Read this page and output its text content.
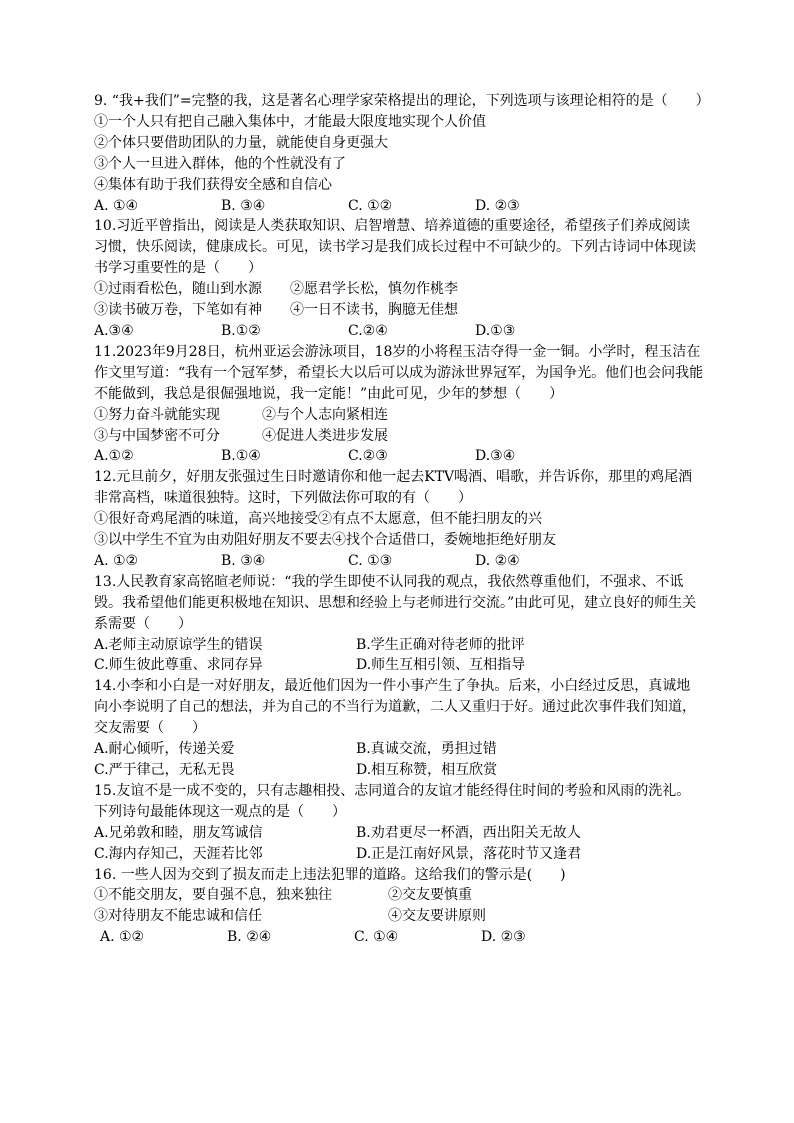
9. “我+我们”=完整的我，这是著名心理学家荣格提出的理论，下列选项与该理论相符的是（　　）
①一个人只有把自己融入集体中，才能最大限度地实现个人价值
②个体只要借助团队的力量，就能使自身更强大
③个人一旦进入群体，他的个性就没有了
④集体有助于我们获得安全感和自信心
A. ①④	B. ③④	C. ①②	D. ②③
10.习近平曾指出，阅读是人类获取知识、启智增慧、培养道德的重要途径，希望孩子们养成阅读习惯，快乐阅读，健康成长。可见，读书学习是我们成长过程中不可缺少的。下列古诗词中体现读书学习重要性的是（　　）
①过雨看松色，随山到水源 ②愿君学长松，慎勿作桃李
③读书破万卷，下笔如有神 ④一日不读书，胸臆无佳想
A.③④	B.①②	C.②④	D.①③
11.2023年9月28日，杭州亚运会游泳项目，18岁的小将程玉洁夺得一金一铜。小学时，程玉洁在作文里写道：“我有一个冠军梦，希望长大以后可以成为游泳世界冠军，为国争光。他们也会问我能不能做到，我总是很倔强地说，我一定能！”由此可见，少年的梦想（　　）
①努力奋斗就能实现	②与个人志向紧相连
③与中国梦密不可分	④促进人类进步发展
A.①②	B.①④	C.②③	D.③④
12.元旦前夕，好朋友张强过生日时邀请你和他一起去KTV喝酒、唱歌，并告诉你，那里的鸡尾酒非常高档，味道很独特。这时，下列做法你可取的有（　　）
①很好奇鸡尾酒的味道，高兴地接受②有点不太愿意，但不能扫朋友的兴
③以中学生不宜为由劝阻好朋友不要去④找个合适借口，委婉地拒绝好朋友
A. ①②	B. ③④	C. ①③	D. ②④
13.人民教育家高铭暄老师说：“我的学生即使不认同我的观点，我依然尊重他们，不强求、不诋毁。我希望他们能更积极地在知识、思想和经验上与老师进行交流。”由此可见，建立良好的师生关系需要（　　）
A.老师主动原谅学生的错误	B.学生正确对待老师的批评
C.师生彼此尊重、求同存异	D.师生互相引领、互相指导
14.小李和小白是一对好朋友，最近他们因为一件小事产生了争执。后来，小白经过反思，真诚地向小李说明了自己的想法，并为自己的不当行为道歉，二人又重归于好。通过此次事件我们知道，交友需要（　　）
A.耐心倾听，传递关爱	B.真诚交流，勇担过错
C.严于律己，无私无畏	D.相互称赞，相互欣赏
15.友谊不是一成不变的，只有志趣相投、志同道合的友谊才能经得住时间的考验和风雨的洗礼。下列诗句最能体现这一观点的是（　　）
A.兄弟敦和睦，朋友笃诚信	B.劝君更尽一杯酒，西出阳关无故人
C.海内存知己，天涯若比邻	D.正是江南好风景，落花时节又逢君
16. 一些人因为交到了损友而走上违法犯罪的道路。这给我们的警示是(　　)
①不能交朋友，要自强不息，独来独往	②交友要慎重
③对待朋友不能忠诚和信任	④交友要讲原则
A. ①②	B. ②④	C. ①④	D. ②③
